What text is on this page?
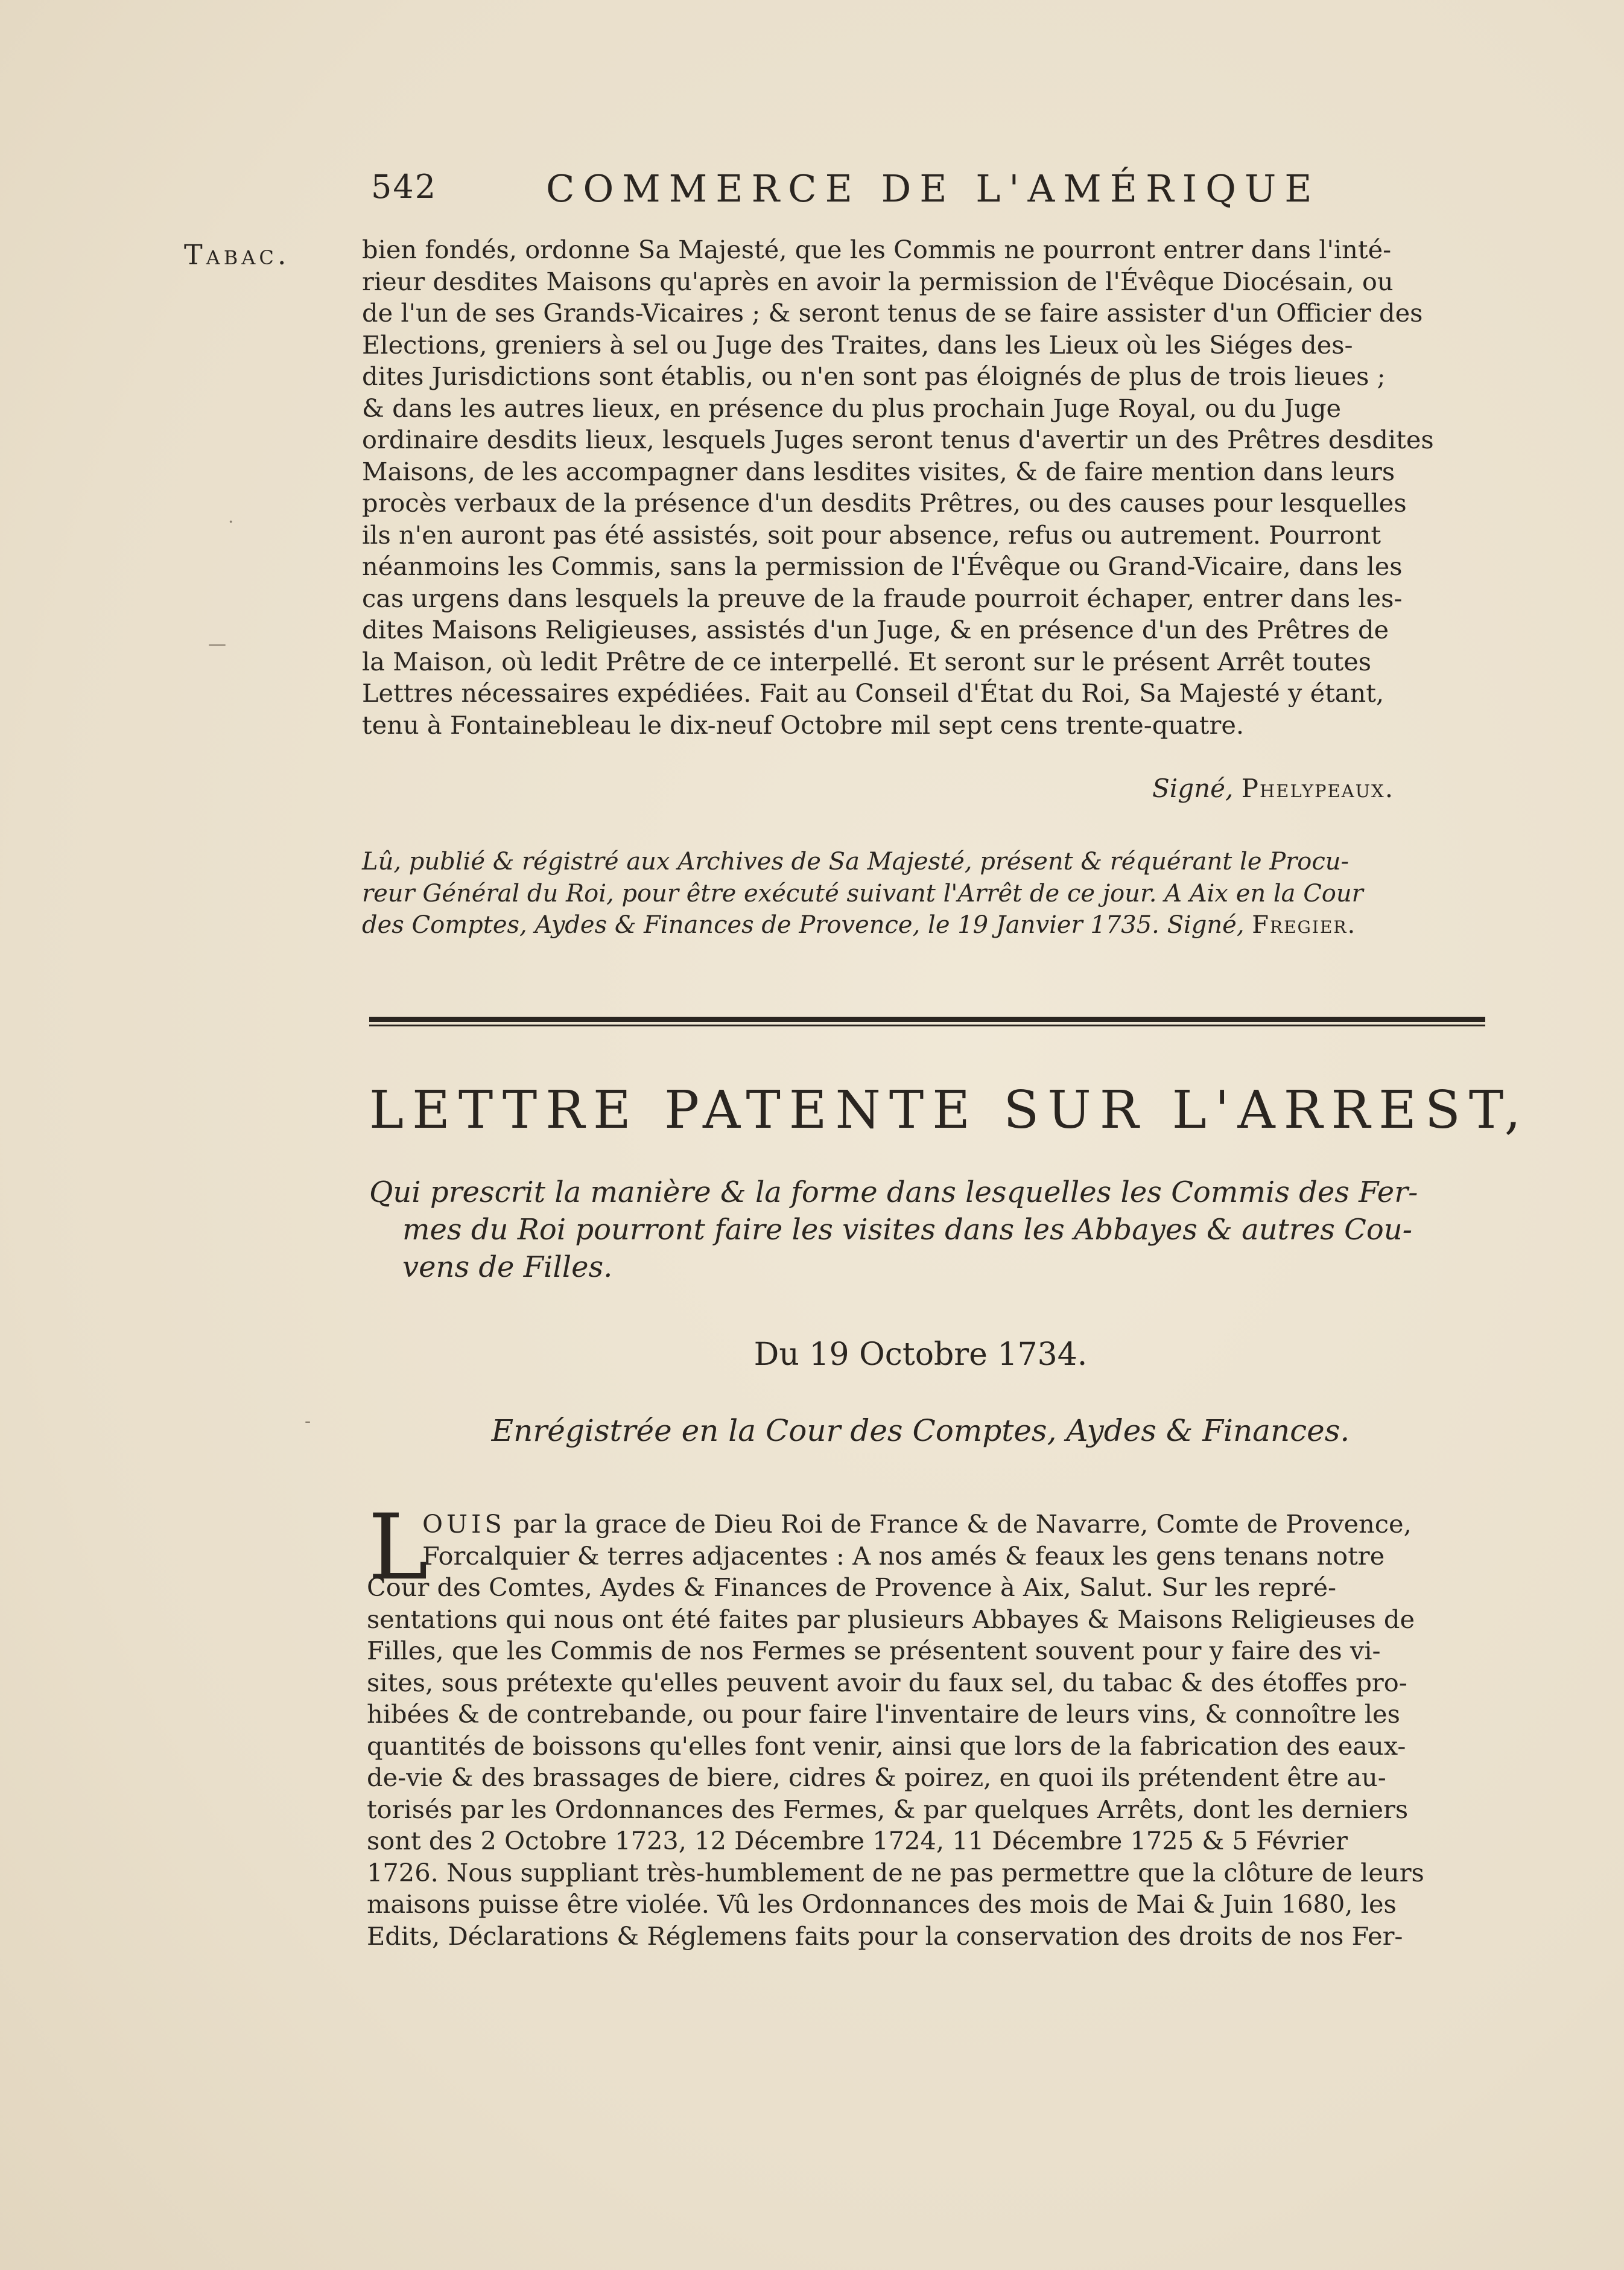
542	COMMERCE DE L'AMÉRIQUE
Tabac.	bien fondés, ordonne Sa Majesté, que les Commis ne pourront entrer dans l'inté-

rieur desdites Maisons qu'après en avoir la permission de l'Évêque Diocésain, ou

de l'un de ses Grands-Vicaires ; & seront tenus de se faire assister d'un Officier des

Elections, greniers à sel ou Juge des Traites, dans les Lieux où les Siéges des-

dites Jurisdictions sont établis, ou n'en sont pas éloignés de plus de trois lieues ;

& dans les autres lieux, en présence du plus prochain Juge Royal, ou du Juge

ordinaire desdits lieux, lesquels Juges seront tenus d'avertir un des Prêtres desdites

Maisons, de les accompagner dans lesdites visites, & de faire mention dans leurs

procès verbaux de la présence d'un desdits Prêtres, ou des causes pour lesquelles

ils n'en auront pas été assistés, soit pour absence, refus ou autrement. Pourront

néanmoins les Commis, sans la permission de l'Évêque ou Grand-Vicaire, dans les

cas urgens dans lesquels la preuve de la fraude pourroit échaper, entrer dans les-

dites Maisons Religieuses, assistés d'un Juge, & en présence d'un des Prêtres de

la Maison, où ledit Prêtre de ce interpellé. Et seront sur le présent Arrêt toutes

Lettres nécessaires expédiées. Fait au Conseil d'État du Roi, Sa Majesté y étant,

tenu à Fontainebleau le dix-neuf Octobre mil sept cens trente-quatre.

Signé, Phelypeaux.
Lû, publié & régistré aux Archives de Sa Majesté, présent & réquérant le Procu-
reur Général du Roi, pour être exécuté suivant l'Arrêt de ce jour. A Aix en la Cour
des Comptes, Aydes & Finances de Provence, le 19 Janvier 1735. Signé, Fregier.
LETTRE PATENTE SUR L'ARREST,
Qui prescrit la manière & la forme dans lesquelles les Commis des Fer-
mes du Roi pourront faire les visites dans les Abbayes & autres Cou-
vens de Filles.
Du 19 Octobre 1734.
Enrégistrée en la Cour des Comptes, Aydes & Finances.
L

OUIS par la grace de Dieu Roi de France & de Navarre, Comte de Provence,

Forcalquier & terres adjacentes : A nos amés & feaux les gens tenans notre

Cour des Comtes, Aydes & Finances de Provence à Aix, Salut. Sur les repré-

sentations qui nous ont été faites par plusieurs Abbayes & Maisons Religieuses de

Filles, que les Commis de nos Fermes se présentent souvent pour y faire des vi-

sites, sous prétexte qu'elles peuvent avoir du faux sel, du tabac & des étoffes pro-

hibées & de contrebande, ou pour faire l'inventaire de leurs vins, & connoître les

quantités de boissons qu'elles font venir, ainsi que lors de la fabrication des eaux-

de-vie & des brassages de biere, cidres & poirez, en quoi ils prétendent être au-

torisés par les Ordonnances des Fermes, & par quelques Arrêts, dont les derniers

sont des 2 Octobre 1723, 12 Décembre 1724, 11 Décembre 1725 & 5 Février

1726. Nous suppliant très-humblement de ne pas permettre que la clôture de leurs

maisons puisse être violée. Vû les Ordonnances des mois de Mai & Juin 1680, les

Edits, Déclarations & Réglemens faits pour la conservation des droits de nos Fer-

·
—
-
